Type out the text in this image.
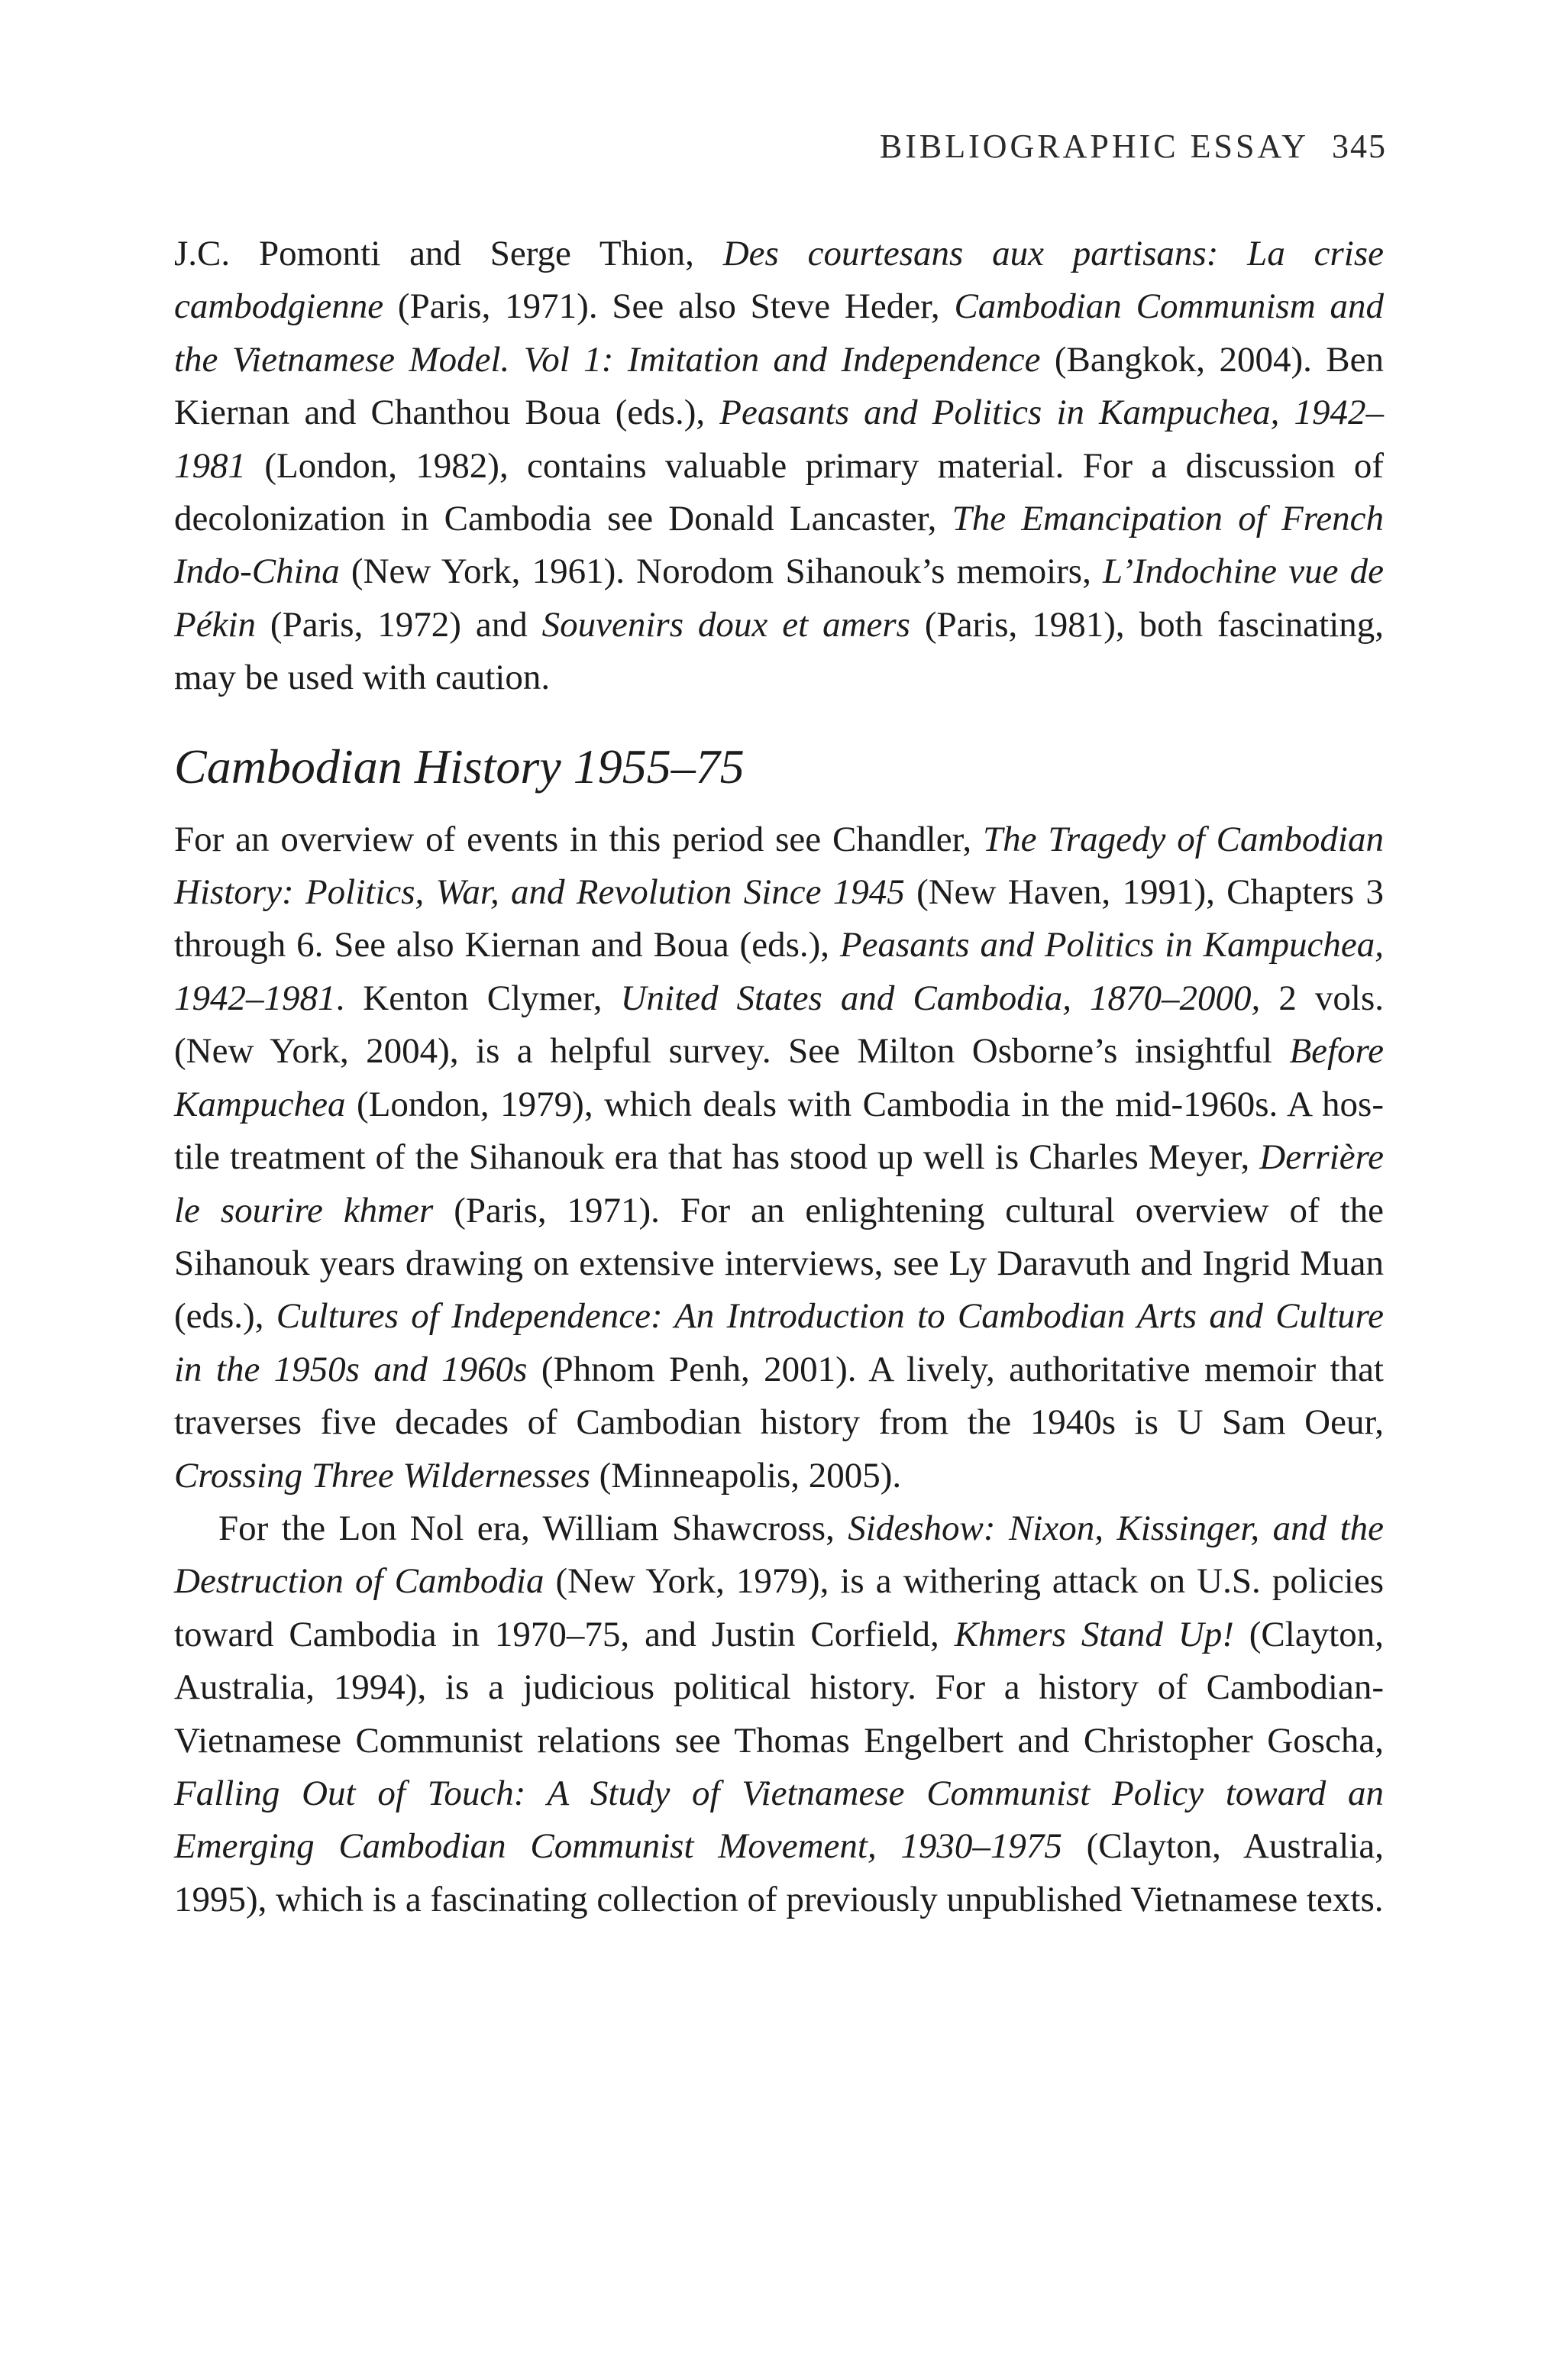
BIBLIOGRAPHIC ESSAY 345

J.C. Pomonti and Serge Thion, Des courtesans aux partisans: La crise cambodgienne (Paris, 1971). See also Steve Heder, Cambodian Communism and the Vietnamese Model. Vol 1: Imitation and Independence (Bangkok, 2004). Ben Kiernan and Chanthou Boua (eds.), Peasants and Politics in Kampuchea, 1942–1981 (London, 1982), contains valuable primary material. For a discussion of decolonization in Cambodia see Donald Lancaster, The Emancipation of French Indo-China (New York, 1961). Norodom Sihanouk’s memoirs, L’Indochine vue de Pékin (Paris, 1972) and Souvenirs doux et amers (Paris, 1981), both fascinating, may be used with caution.

Cambodian History 1955–75

For an overview of events in this period see Chandler, The Tragedy of Cambodian History: Politics, War, and Revolution Since 1945 (New Haven, 1991), Chapters 3 through 6. See also Kiernan and Boua (eds.), Peasants and Politics in Kampuchea, 1942–1981. Kenton Clymer, United States and Cambodia, 1870–2000, 2 vols. (New York, 2004), is a helpful survey. See Milton Osborne’s insightful Before Kampuchea (London, 1979), which deals with Cambodia in the mid-1960s. A hostile treatment of the Sihanouk era that has stood up well is Charles Meyer, Derrière le sourire khmer (Paris, 1971). For an enlightening cultural overview of the Sihanouk years drawing on extensive interviews, see Ly Daravuth and Ingrid Muan (eds.), Cultures of Independence: An Introduction to Cambodian Arts and Culture in the 1950s and 1960s (Phnom Penh, 2001). A lively, authoritative memoir that traverses five decades of Cambodian history from the 1940s is U Sam Oeur, Crossing Three Wildernesses (Minneapolis, 2005).

For the Lon Nol era, William Shawcross, Sideshow: Nixon, Kissinger, and the Destruction of Cambodia (New York, 1979), is a withering attack on U.S. policies toward Cambodia in 1970–75, and Justin Corfield, Khmers Stand Up! (Clayton, Australia, 1994), is a judicious political history. For a history of Cambodian-Vietnamese Communist relations see Thomas Engelbert and Christopher Goscha, Falling Out of Touch: A Study of Vietnamese Communist Policy toward an Emerging Cambodian Communist Movement, 1930–1975 (Clayton, Australia, 1995), which is a fascinating collection of previously unpublished Vietnamese texts.
